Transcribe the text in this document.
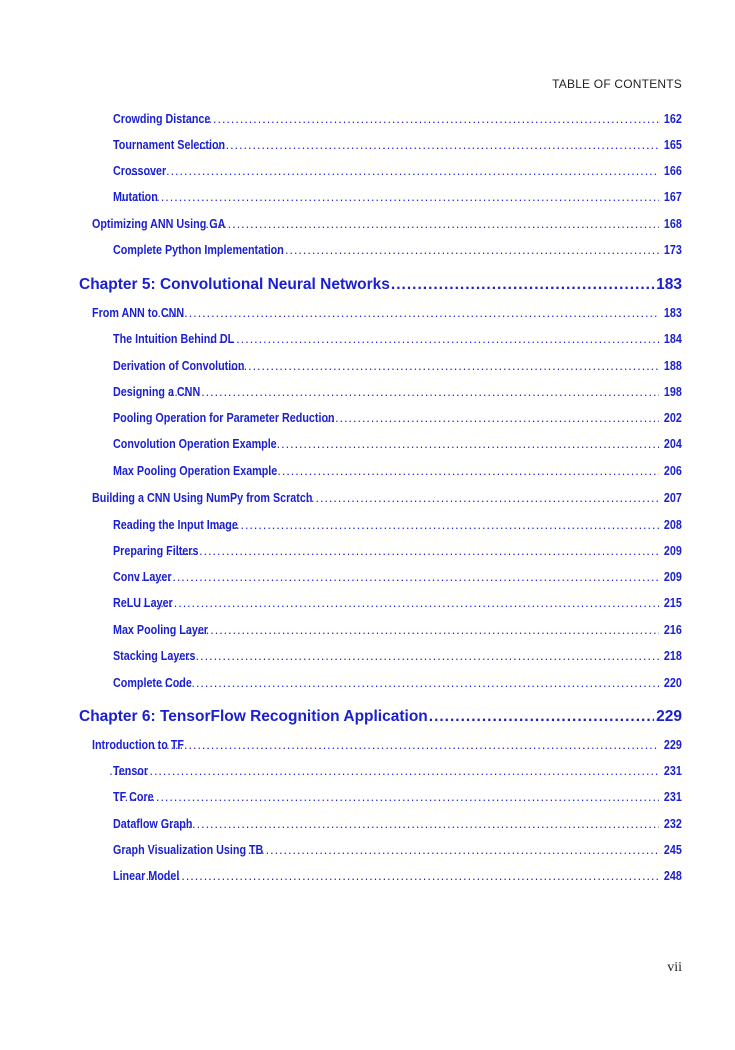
TABLE OF CONTENTS
Crowding Distance .....	162
Tournament Selection .....	165
Crossover .....	166
Mutation .....	167
Optimizing ANN Using GA .....	168
Complete Python Implementation .....	173
Chapter 5: Convolutional Neural Networks .....	183
From ANN to CNN .....	183
The Intuition Behind DL .....	184
Derivation of Convolution .....	188
Designing a CNN .....	198
Pooling Operation for Parameter Reduction .....	202
Convolution Operation Example .....	204
Max Pooling Operation Example .....	206
Building a CNN Using NumPy from Scratch .....	207
Reading the Input Image .....	208
Preparing Filters .....	209
Conv Layer .....	209
ReLU Layer .....	215
Max Pooling Layer .....	216
Stacking Layers .....	218
Complete Code .....	220
Chapter 6: TensorFlow Recognition Application .....	229
Introduction to TF .....	229
Tensor .....	231
TF Core .....	231
Dataflow Graph .....	232
Graph Visualization Using TB .....	245
Linear Model .....	248
vii
